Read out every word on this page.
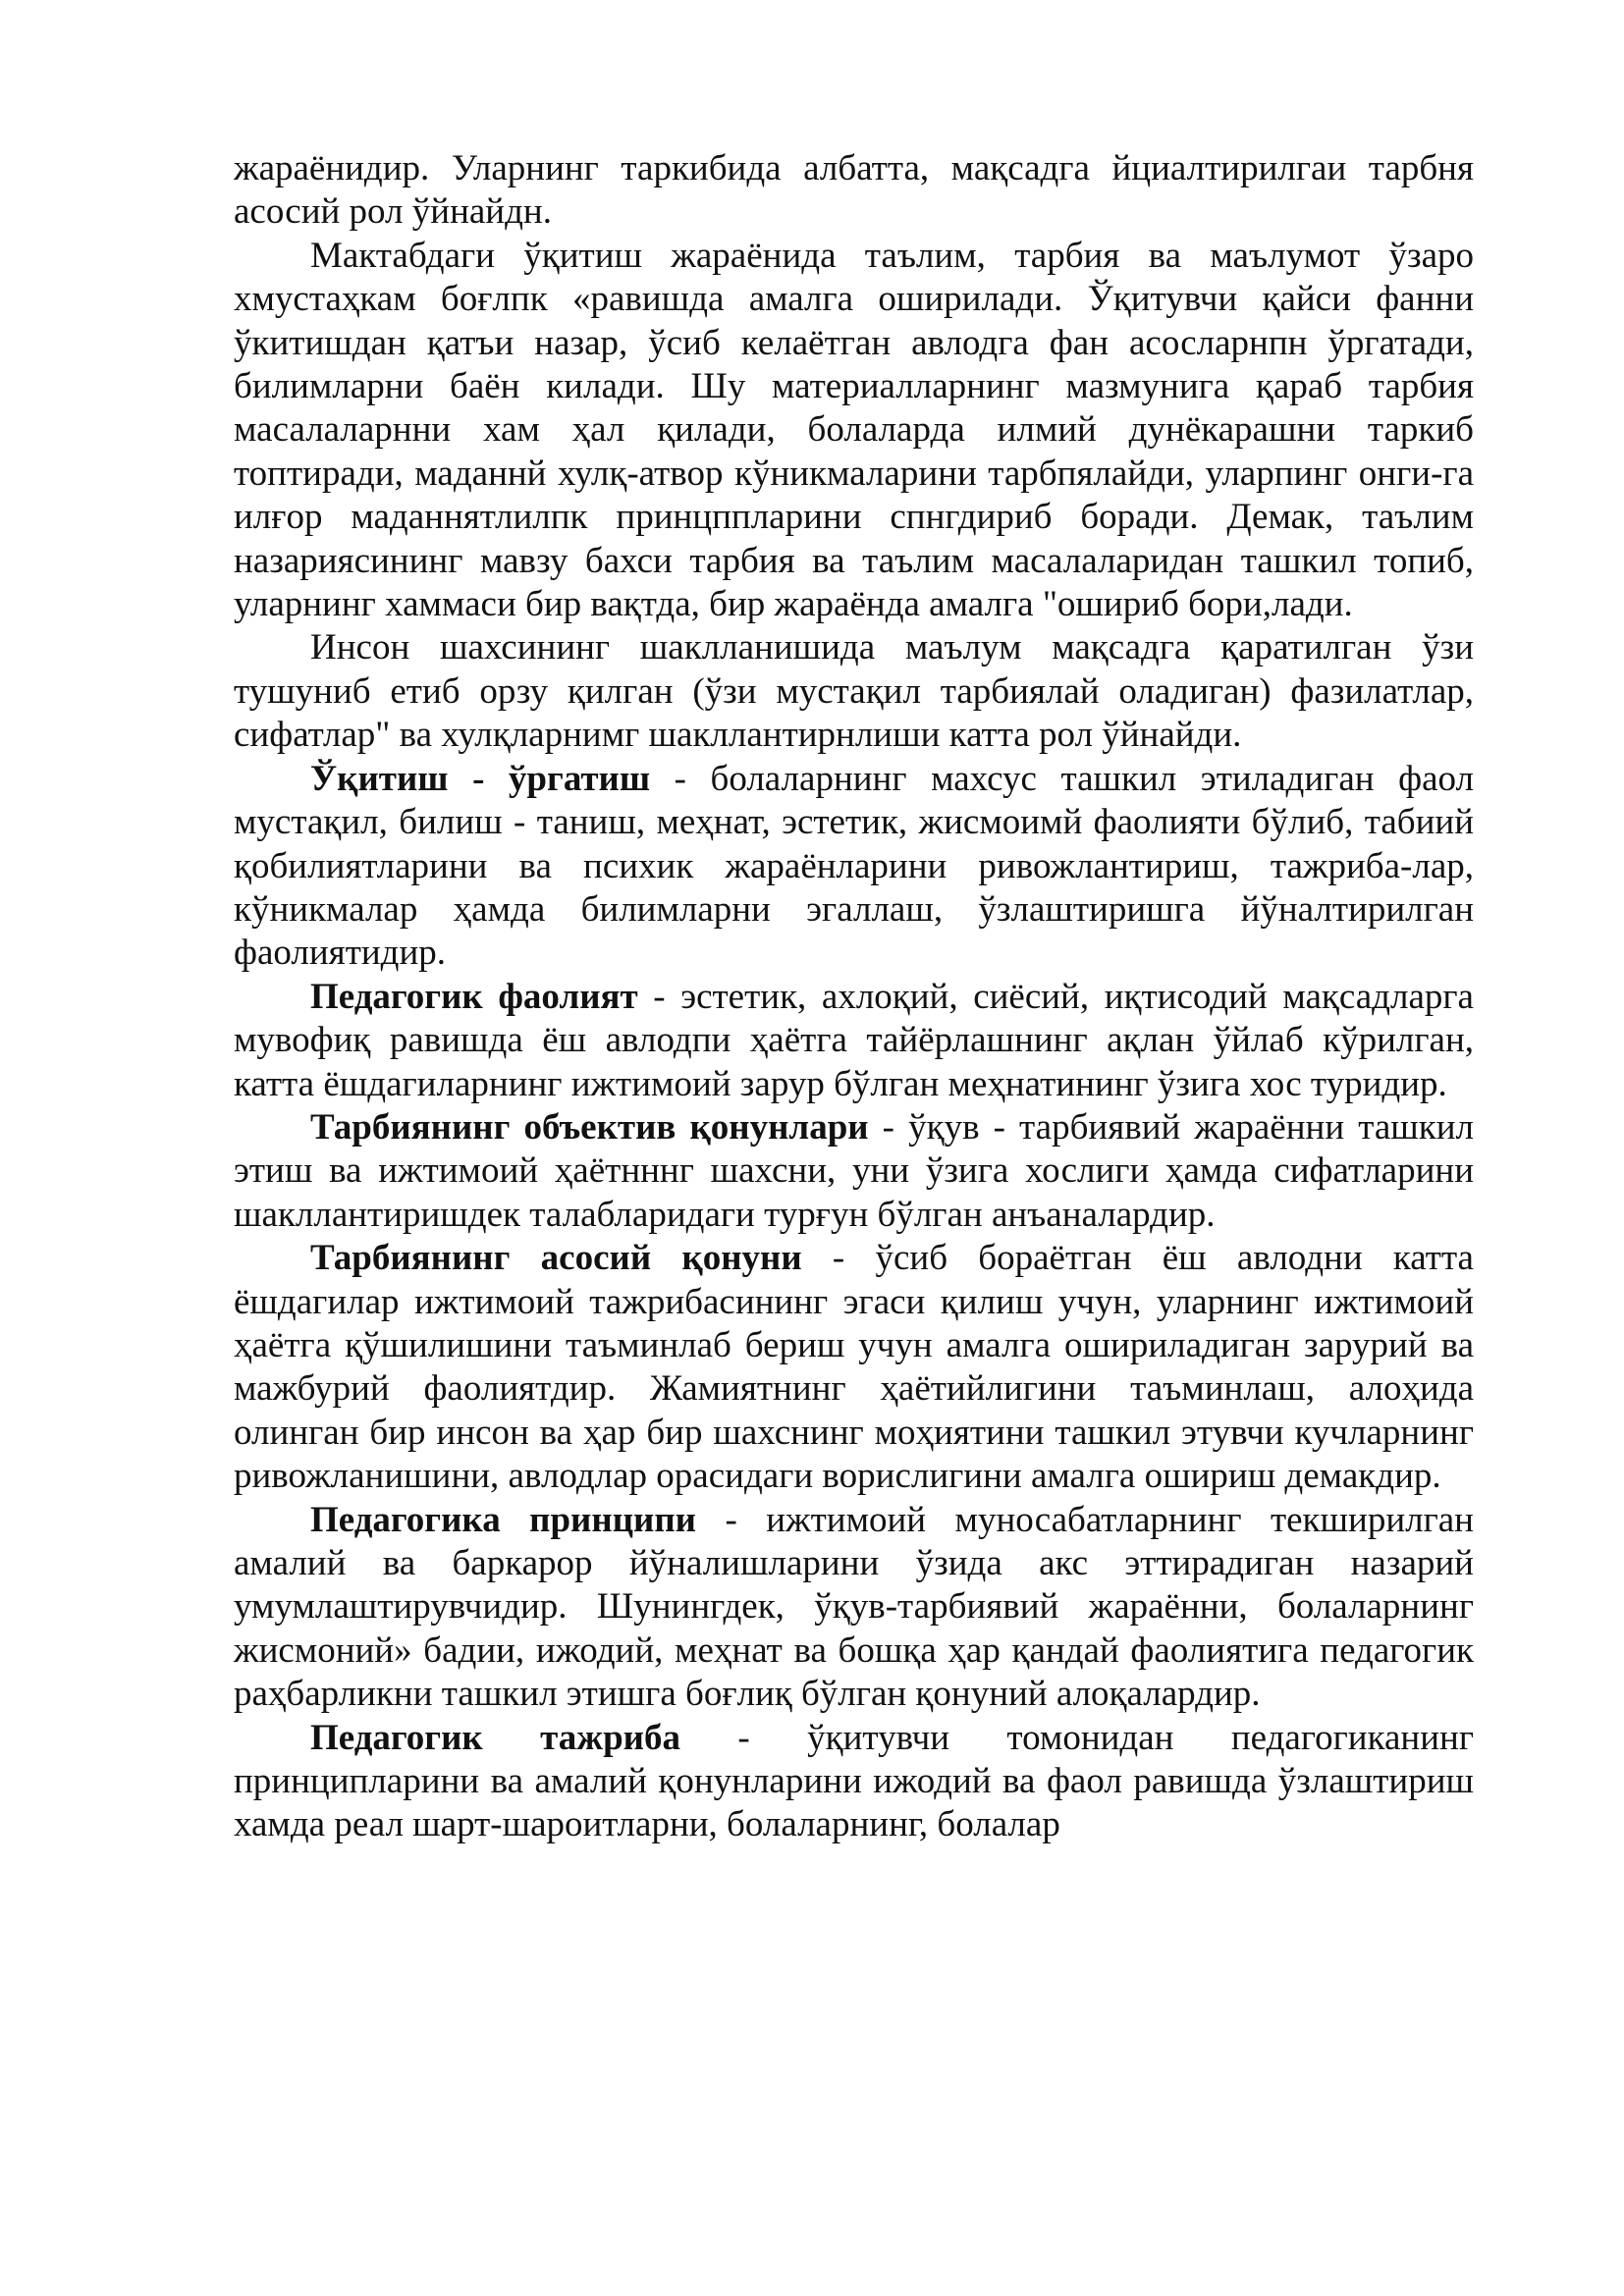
жараёнидир. Уларнинг таркибида албатта, мақсадга йциалтирилгаи тарбня асосий рол ўйнайдн.

Мактабдаги ўқитиш жараёнида таълим, тарбия ва маълумот ўзаро хмустаҳкам боғлпк «равишда амалга оширилади. Ўқитувчи қайси фанни ўкитишдан қатъи назар, ўсиб келаётган авлодга фан асосларнпн ўргатади, билимларни баён килади. Шу материалларнинг мазмунига қараб тарбия масалаларнни хам ҳал қилади, болаларда илмий дунёкарашни таркиб топтиради, маданнй хулқ-атвор кўникмаларини тарбпялайди, уларпинг онги-га илғор маданнятлилпк принцппларини спнгдириб боради. Демак, таълим назариясининг мавзу бахси тарбия ва таълим масалаларидан ташкил топиб, уларнинг хаммаси бир вақтда, бир жараёнда амалга "ошириб бори,лади.

Инсон шахсининг шаклланишида маълум мақсадга қаратилган ўзи тушуниб етиб орзу қилган (ўзи мустақил тарбиялай оладиган) фазилатлар, сифатлар" ва хулқларнимг шакллантирнлиши катта рол ўйнайди.

Ўқитиш - ўргатиш - болаларнинг махсус ташкил этиладиган фаол мустақил, билиш - таниш, меҳнат, эстетик, жисмоимй фаолияти бўлиб, табиий қобилиятларини ва психик жараёнларини ривожлантириш, тажриба-лар, кўникмалар ҳамда билимларни эгаллаш, ўзлаштиришга йўналтирилган фаолиятидир.

Педагогик фаолият - эстетик, ахлоқий, сиёсий, иқтисодий мақсадларга мувофиқ равишда ёш авлодпи ҳаётга тайёрлашнинг ақлан ўйлаб кўрилган, катта ёшдагиларнинг ижтимоий зарур бўлган меҳнатининг ўзига хос туридир.

Тарбиянинг объектив қонунлари - ўқув - тарбиявий жараённи ташкил этиш ва ижтимоий ҳаётнннг шахсни, уни ўзига хослиги ҳамда сифатларини шакллантиришдек талабларидаги турғун бўлган анъаналардир.

Тарбиянинг асосий қонуни - ўсиб бораётган ёш авлодни катта ёшдагилар ижтимоий тажрибасининг эгаси қилиш учун, уларнинг ижтимоий ҳаётга қўшилишини таъминлаб бериш учун амалга ошириладиган зарурий ва мажбурий фаолиятдир. Жамиятнинг ҳаётийлигини таъминлаш, алоҳида олинган бир инсон ва ҳар бир шахснинг моҳиятини ташкил этувчи кучларнинг ривожланишини, авлодлар орасидаги ворислигини амалга ошириш демакдир.

Педагогика принципи - ижтимоий муносабатларнинг текширилган амалий ва баркарор йўналишларини ўзида акс эттирадиган назарий умумлаштирувчидир. Шунингдек, ўқув-тарбиявий жараённи, болаларнинг жисмоний» бадии, ижодий, меҳнат ва бошқа ҳар қандай фаолиятига педагогик раҳбарликни ташкил этишга боғлиқ бўлган қонуний алоқалардир.

Педагогик тажриба - ўқитувчи томонидан педагогиканинг принципларини ва амалий қонунларини ижодий ва фаол равишда ўзлаштириш хамда реал шарт-шароитларни, болаларнинг, болалар
